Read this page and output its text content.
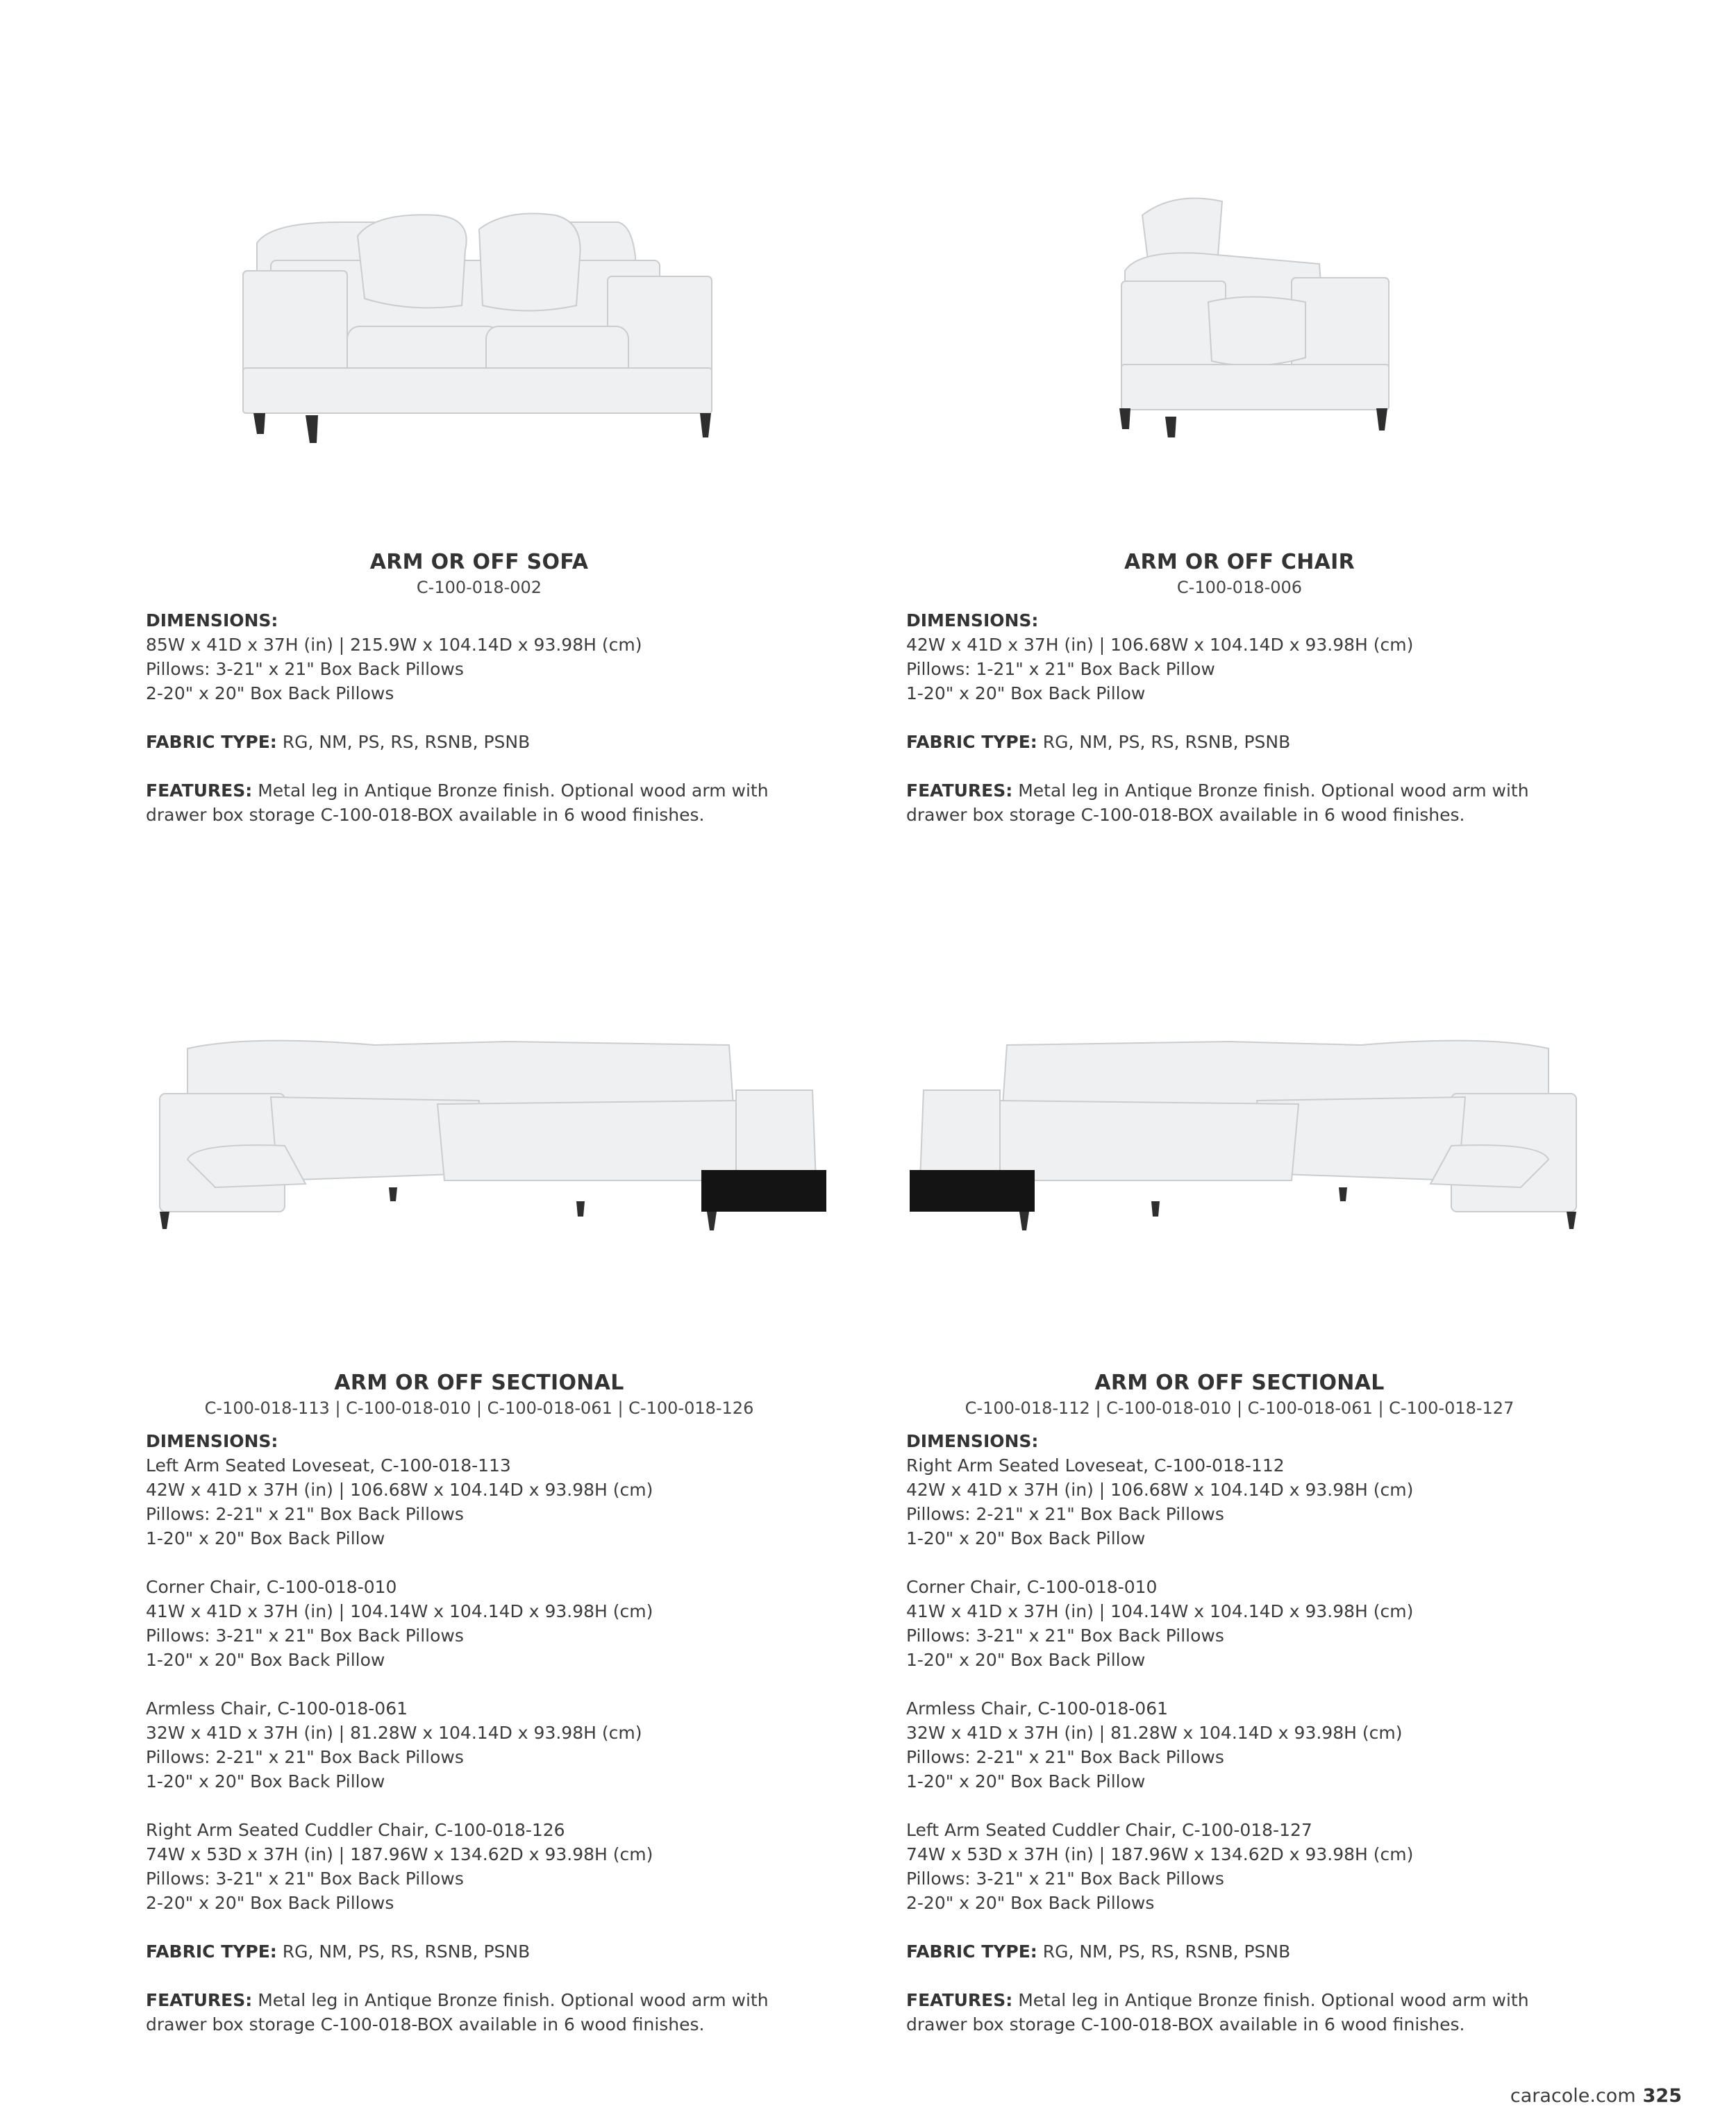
ARM OR OFF SOFA
C-100-018-002
DIMENSIONS:
85W x 41D x 37H (in) | 215.9W x 104.14D x 93.98H (cm)
Pillows: 3-21" x 21" Box Back Pillows
2-20" x 20" Box Back Pillows
FABRIC TYPE: RG, NM, PS, RS, RSNB, PSNB
FEATURES: Metal leg in Antique Bronze finish. Optional wood arm with
drawer box storage C-100-018-BOX available in 6 wood finishes.
ARM OR OFF CHAIR
C-100-018-006
DIMENSIONS:
42W x 41D x 37H (in) | 106.68W x 104.14D x 93.98H (cm)
Pillows: 1-21" x 21" Box Back Pillow
1-20" x 20" Box Back Pillow
FABRIC TYPE: RG, NM, PS, RS, RSNB, PSNB
FEATURES: Metal leg in Antique Bronze finish. Optional wood arm with
drawer box storage C-100-018-BOX available in 6 wood finishes.
ARM OR OFF SECTIONAL
C-100-018-113 | C-100-018-010 | C-100-018-061 | C-100-018-126
DIMENSIONS:
Left Arm Seated Loveseat, C-100-018-113
42W x 41D x 37H (in) | 106.68W x 104.14D x 93.98H (cm)
Pillows: 2-21" x 21" Box Back Pillows
1-20" x 20" Box Back Pillow
Corner Chair, C-100-018-010
41W x 41D x 37H (in) | 104.14W x 104.14D x 93.98H (cm)
Pillows: 3-21" x 21" Box Back Pillows
1-20" x 20" Box Back Pillow
Armless Chair, C-100-018-061
32W x 41D x 37H (in) | 81.28W x 104.14D x 93.98H (cm)
Pillows: 2-21" x 21" Box Back Pillows
1-20" x 20" Box Back Pillow
Right Arm Seated Cuddler Chair, C-100-018-126
74W x 53D x 37H (in) | 187.96W x 134.62D x 93.98H (cm)
Pillows: 3-21" x 21" Box Back Pillows
2-20" x 20" Box Back Pillows
FABRIC TYPE: RG, NM, PS, RS, RSNB, PSNB
FEATURES: Metal leg in Antique Bronze finish. Optional wood arm with
drawer box storage C-100-018-BOX available in 6 wood finishes.
ARM OR OFF SECTIONAL
C-100-018-112 | C-100-018-010 | C-100-018-061 | C-100-018-127
DIMENSIONS:
Right Arm Seated Loveseat, C-100-018-112
42W x 41D x 37H (in) | 106.68W x 104.14D x 93.98H (cm)
Pillows: 2-21" x 21" Box Back Pillows
1-20" x 20" Box Back Pillow
Corner Chair, C-100-018-010
41W x 41D x 37H (in) | 104.14W x 104.14D x 93.98H (cm)
Pillows: 3-21" x 21" Box Back Pillows
1-20" x 20" Box Back Pillow
Armless Chair, C-100-018-061
32W x 41D x 37H (in) | 81.28W x 104.14D x 93.98H (cm)
Pillows: 2-21" x 21" Box Back Pillows
1-20" x 20" Box Back Pillow
Left Arm Seated Cuddler Chair, C-100-018-127
74W x 53D x 37H (in) | 187.96W x 134.62D x 93.98H (cm)
Pillows: 3-21" x 21" Box Back Pillows
2-20" x 20" Box Back Pillows
FABRIC TYPE: RG, NM, PS, RS, RSNB, PSNB
FEATURES: Metal leg in Antique Bronze finish. Optional wood arm with
drawer box storage C-100-018-BOX available in 6 wood finishes.
caracole.com 325
